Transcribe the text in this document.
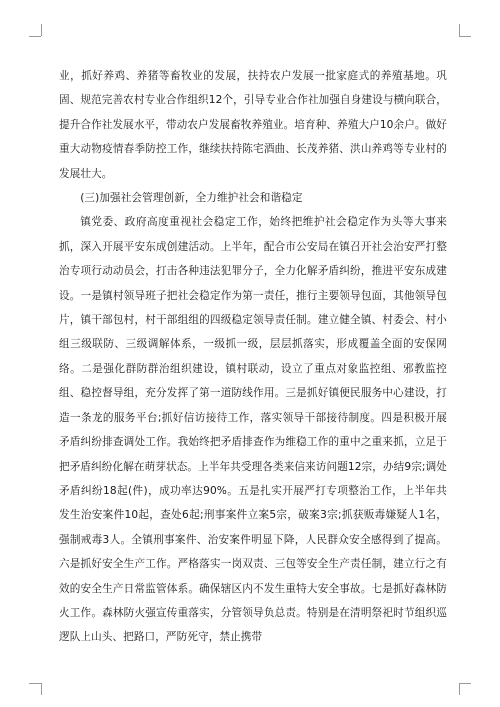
业，抓好养鸡、养猪等畜牧业的发展，扶持农户发展一批家庭式的养殖基地。巩固、规范完善农村专业合作组织12个，引导专业合作社加强自身建设与横向联合，提升合作社发展水平，带动农户发展畜牧养殖业。培育种、养殖大户10余户。做好重大动物疫情春季防控工作，继续扶持陈宅酒曲、长茂养猪、洪山养鸡等专业村的发展壮大。

(三)加强社会管理创新，全力维护社会和谐稳定

镇党委、政府高度重视社会稳定工作，始终把维护社会稳定作为头等大事来抓，深入开展平安东成创建活动。上半年，配合市公安局在镇召开社会治安严打整治专项行动动员会，打击各种违法犯罪分子，全力化解矛盾纠纷，推进平安东成建设。一是镇村领导班子把社会稳定作为第一责任，推行主要领导包面，其他领导包片，镇干部包村，村干部组组的四级稳定领导责任制。建立健全镇、村委会、村小组三级联防、三级调解体系，一级抓一级，层层抓落实，形成覆盖全面的安保网络。二是强化群防群治组织建设，镇村联动，设立了重点对象监控组、邪教监控组、稳控督导组，充分发挥了第一道防线作用。三是抓好镇便民服务中心建设，打造一条龙的服务平台;抓好信访接待工作，落实领导干部接待制度。四是积极开展矛盾纠纷排查调处工作。我始终把矛盾排查作为维稳工作的重中之重来抓，立足于把矛盾纠纷化解在萌芽状态。上半年共受理各类来信来访问题12宗，办结9宗;调处矛盾纠纷18起(件)，成功率达90%。五是扎实开展严打专项整治工作，上半年共发生治安案件10起，查处6起;刑事案件立案5宗，破案3宗;抓获贩毒嫌疑人1名，强制戒毒3人。全镇刑事案件、治安案件明显下降，人民群众安全感得到了提高。六是抓好安全生产工作。严格落实一岗双责、三包等安全生产责任制，建立行之有效的安全生产日常监管体系。确保辖区内不发生重特大安全事故。七是抓好森林防火工作。森林防火强宣传重落实，分管领导负总责。特别是在清明祭祀时节组织巡逻队上山头、把路口，严防死守，禁止携带
